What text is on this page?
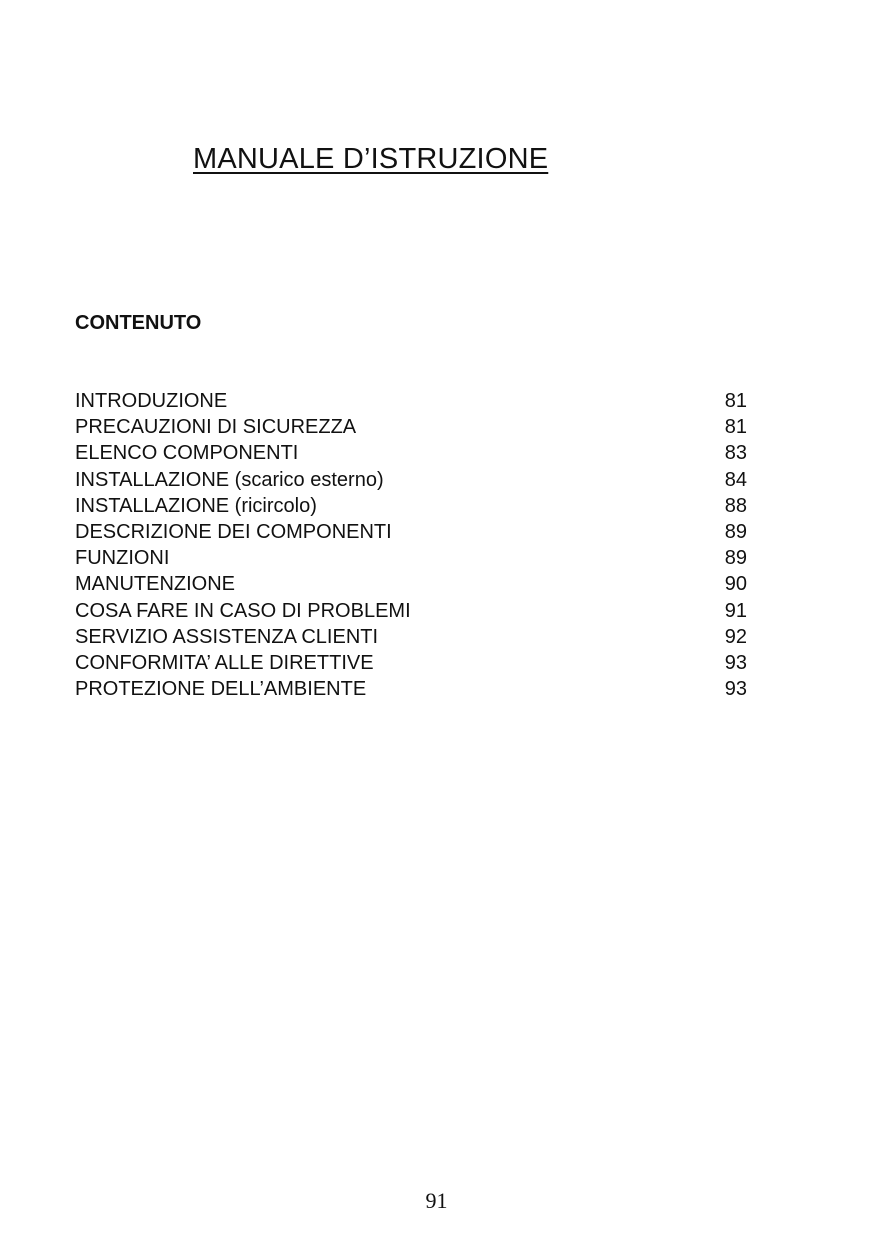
MANUALE D’ISTRUZIONE
CONTENUTO
INTRODUZIONE	81
PRECAUZIONI DI SICUREZZA	81
ELENCO COMPONENTI	83
INSTALLAZIONE (scarico esterno)	84
INSTALLAZIONE (ricircolo)	88
DESCRIZIONE DEI COMPONENTI	89
FUNZIONI	89
MANUTENZIONE	90
COSA FARE IN CASO DI PROBLEMI	91
SERVIZIO ASSISTENZA CLIENTI	92
CONFORMITA’ ALLE DIRETTIVE	93
PROTEZIONE DELL’AMBIENTE	93
91
